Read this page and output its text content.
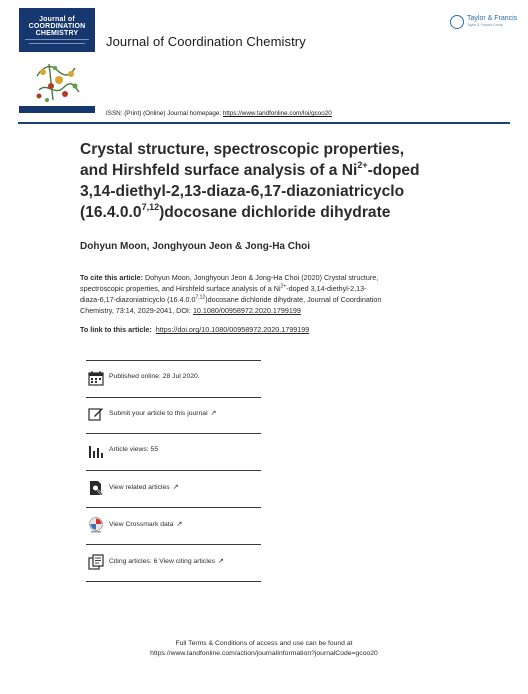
Journal of COORDINATION CHEMISTRY
Journal of Coordination Chemistry
Taylor & Francis
Taylor & Francis Group
ISSN: (Print) (Online) Journal homepage: https://www.tandfonline.com/loi/gcoo20
Crystal structure, spectroscopic properties,
and Hirshfeld surface analysis of a $Ni^{2+}$-doped
3,14-diethyl-2,13-diaza-6,17-diazoniatricyclo
(16.4.0.0$^{7,12}$)docosane dichloride dihydrate
Dohyun Moon, Jonghyoun Jeon & Jong-Ha Choi
To cite this article: Dohyun Moon, Jonghyoun Jeon & Jong-Ha Choi (2020) Crystal structure,
spectroscopic properties, and Hirshfeld surface analysis of a $Ni^{2+}$-doped 3,14-diethyl-2,13-
diaza-6,17-diazoniatricyclo (16.4.0.0$^{7,12}$)docosane dichloride dihydrate, Journal of Coordination
Chemistry, 73:14, 2029-2041, DOI: 10.1080/00958972.2020.1799199
To link to this article: https://doi.org/10.1080/00958972.2020.1799199
Published online: 28 Jul 2020.
Submit your article to this journal ↗
Article views: 55
View related articles ↗
View Crossmark data ↗
Citing articles: 6 View citing articles ↗
Full Terms & Conditions of access and use can be found at
https://www.tandfonline.com/action/journalInformation?journalCode=gcoo20
